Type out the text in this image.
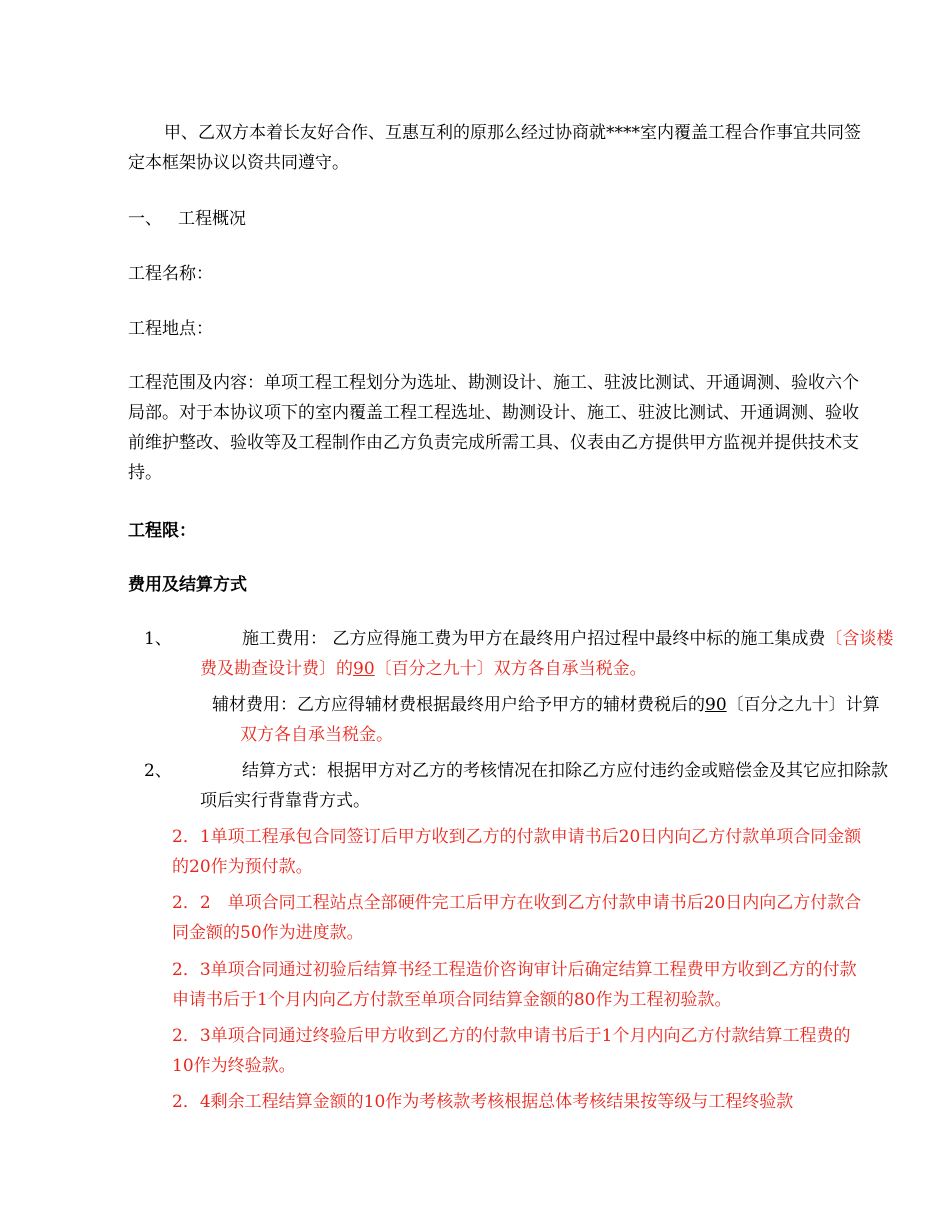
甲、乙双方本着长友好合作、互惠互利的原那么经过协商就****室内覆盖工程合作事宜共同签定本框架协议以资共同遵守。

一、 工程概况

工程名称：

工程地点：

工程范围及内容：单项工程工程划分为选址、勘测设计、施工、驻波比测试、开通调测、验收六个局部。对于本协议项下的室内覆盖工程工程选址、勘测设计、施工、驻波比测试、开通调测、验收前维护整改、验收等及工程制作由乙方负责完成所需工具、仪表由乙方提供甲方监视并提供技术支持。

工程限：

费用及结算方式

1、	施工费用： 乙方应得施工费为甲方在最终用户招过程中最终中标的施工集成费〔含谈楼费及勘查设计费〕的90〔百分之九十〕双方各自承当税金。

辅材费用：乙方应得辅材费根据最终用户给予甲方的辅材费税后的90〔百分之九十〕计算双方各自承当税金。

2、	结算方式：根据甲方对乙方的考核情况在扣除乙方应付违约金或赔偿金及其它应扣除款项后实行背靠背方式。

2．1单项工程承包合同签订后甲方收到乙方的付款申请书后20日内向乙方付款单项合同金额的20作为预付款。

2．2　单项合同工程站点全部硬件完工后甲方在收到乙方付款申请书后20日内向乙方付款合同金额的50作为进度款。

2．3单项合同通过初验后结算书经工程造价咨询审计后确定结算工程费甲方收到乙方的付款申请书后于1个月内向乙方付款至单项合同结算金额的80作为工程初验款。

2．3单项合同通过终验后甲方收到乙方的付款申请书后于1个月内向乙方付款结算工程费的10作为终验款。

2．4剩余工程结算金额的10作为考核款考核根据总体考核结果按等级与工程终验款
